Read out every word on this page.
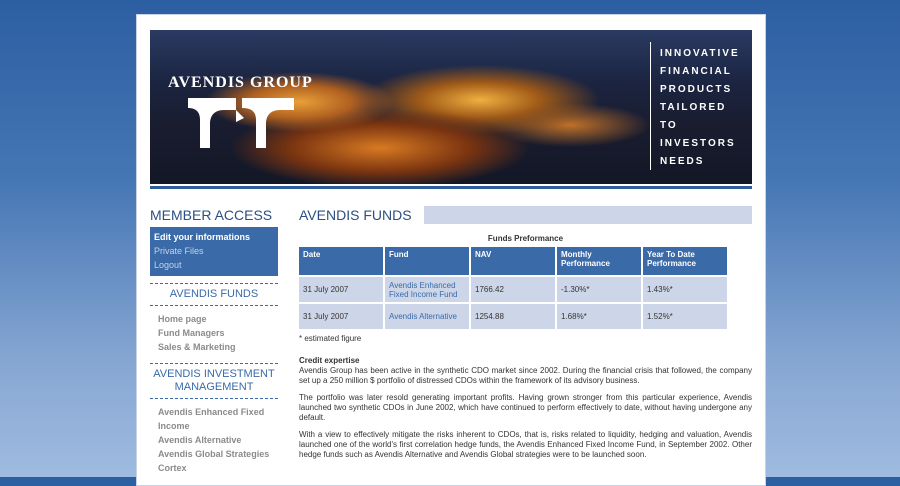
AVENDIS GROUP
INNOVATIVE
FINANCIAL
PRODUCTS
TAILORED
TO
INVESTORS
NEEDS
MEMBER ACCESS
Edit your informations
Private Files
Logout
AVENDIS FUNDS
Home page
Fund Managers
Sales & Marketing
AVENDIS INVESTMENT MANAGEMENT
Avendis Enhanced Fixed Income
Avendis Alternative
Avendis Global Strategies
Cortex
AVENDIS FUNDS
Funds Preformance
Date	Fund	NAV	Monthly Performance	Year To Date Performance
31 July 2007	Avendis Enhanced Fixed Income Fund	1766.42	-1.30%*	1.43%*
31 July 2007	Avendis Alternative	1254.88	1.68%*	1.52%*
* estimated figure
Credit expertise

Avendis Group has been active in the synthetic CDO market since 2002. During the financial crisis that followed, the company set up a 250 million $ portfolio of distressed CDOs within the framework of its advisory business.

The portfolio was later resold generating important profits. Having grown stronger from this particular experience, Avendis launched two synthetic CDOs in June 2002, which have continued to perform effectively to date, without having undergone any default.

With a view to effectively mitigate the risks inherent to CDOs, that is, risks related to liquidity, hedging and valuation, Avendis launched one of the world's first correlation hedge funds, the Avendis Enhanced Fixed Income Fund, in September 2002. Other hedge funds such as Avendis Alternative and Avendis Global strategies were to be launched soon.
